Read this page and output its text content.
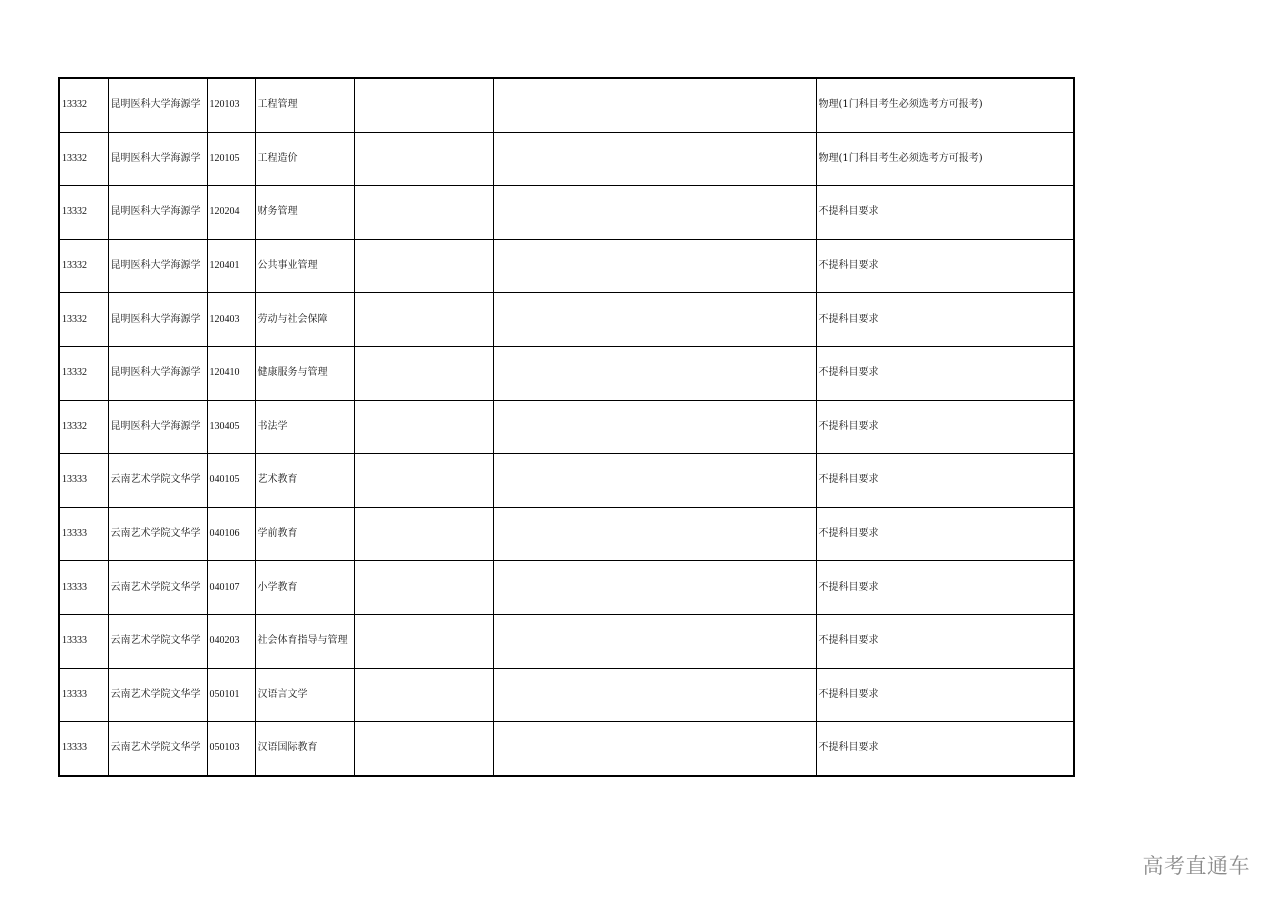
13332	昆明医科大学海源学	120103	工程管理			物理(1门科目考生必须选考方可报考)
13332	昆明医科大学海源学	120105	工程造价			物理(1门科目考生必须选考方可报考)
13332	昆明医科大学海源学	120204	财务管理			不提科目要求
13332	昆明医科大学海源学	120401	公共事业管理			不提科目要求
13332	昆明医科大学海源学	120403	劳动与社会保障			不提科目要求
13332	昆明医科大学海源学	120410	健康服务与管理			不提科目要求
13332	昆明医科大学海源学	130405	书法学			不提科目要求
13333	云南艺术学院文华学	040105	艺术教育			不提科目要求
13333	云南艺术学院文华学	040106	学前教育			不提科目要求
13333	云南艺术学院文华学	040107	小学教育			不提科目要求
13333	云南艺术学院文华学	040203	社会体育指导与管理			不提科目要求
13333	云南艺术学院文华学	050101	汉语言文学			不提科目要求
13333	云南艺术学院文华学	050103	汉语国际教育			不提科目要求
高考直通车
